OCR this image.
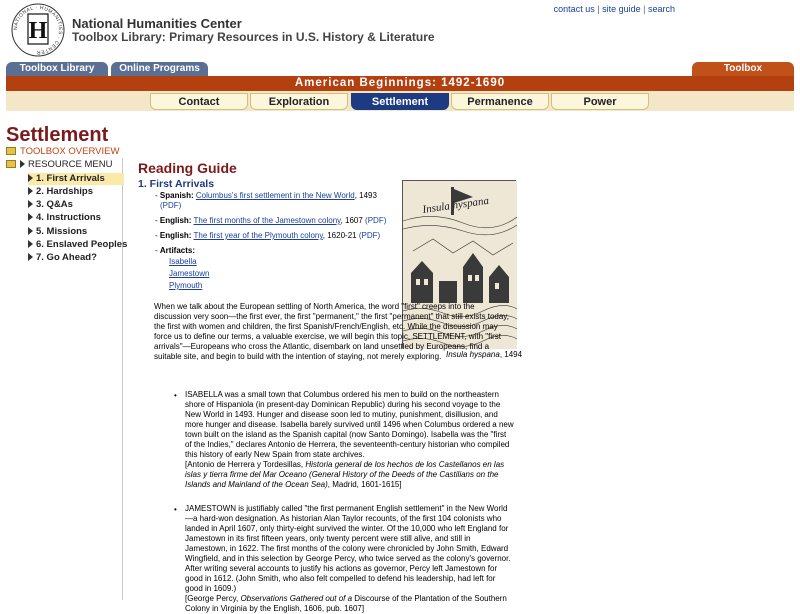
H
NATIONAL · HUMANITIES · CENTER
National Humanities Center
Toolbox Library: Primary Resources in U.S. History & Literature
contact us | site guide | search
Toolbox Library	Online Programs	Toolbox
American Beginnings: 1492-1690
Contact	Exploration	Settlement	Permanence	Power
Settlement
TOOLBOX OVERVIEW
RESOURCE MENU
1. First Arrivals
2. Hardships
3. Q&As
4. Instructions
5. Missions
6. Enslaved Peoples
7. Go Ahead?
Reading Guide
1. First Arrivals
- Spanish: Columbus's first settlement in the New World, 1493
(PDF)
- English: The first months of the Jamestown colony, 1607 (PDF)
- English: The first year of the Plymouth colony, 1620-21 (PDF)
- Artifacts:
Isabella
Jamestown
Plymouth
Insula hyspana
Insula hyspana, 1494
When we talk about the European settling of North America, the word "first" creeps into the discussion very soon—the first ever, the first "permanent," the first "permanent" that still exists today, the first with women and children, the first Spanish/French/English, etc. While the discussion may force us to define our terms, a valuable exercise, we will begin this topic, SETTLEMENT, with "first arrivals"—Europeans who cross the Atlantic, disembark on land unsettled by Europeans, find a suitable site, and begin to build with the intention of staying, not merely exploring.
• ISABELLA was a small town that Columbus ordered his men to build on the northeastern shore of Hispaniola (in present-day Dominican Republic) during his second voyage to the New World in 1493. Hunger and disease soon led to mutiny, punishment, disillusion, and more hunger and disease. Isabella barely survived until 1496 when Columbus ordered a new town built on the island as the Spanish capital (now Santo Domingo). Isabella was the "first of the Indies," declares Antonio de Herrera, the seventeenth-century historian who compiled this history of early New Spain from state archives.
[Antonio de Herrera y Tordesillas, Historia general de los hechos de los Castellanos en las islas y tierra firme del Mar Oceano (General History of the Deeds of the Castilians on the Islands and Mainland of the Ocean Sea), Madrid, 1601-1615]
• JAMESTOWN is justifiably called "the first permanent English settlement" in the New World—a hard-won designation. As historian Alan Taylor recounts, of the first 104 colonists who landed in April 1607, only thirty-eight survived the winter. Of the 10,000 who left England for Jamestown in its first fifteen years, only twenty percent were still alive, and still in Jamestown, in 1622. The first months of the colony were chronicled by John Smith, Edward Wingfield, and in this selection by George Percy, who twice served as the colony's governor. After writing several accounts to justify his actions as governor, Percy left Jamestown for good in 1612. (John Smith, who also felt compelled to defend his leadership, had left for good in 1609.)
[George Percy, Observations Gathered out of a Discourse of the Plantation of the Southern Colony in Virginia by the English, 1606, pub. 1607]
